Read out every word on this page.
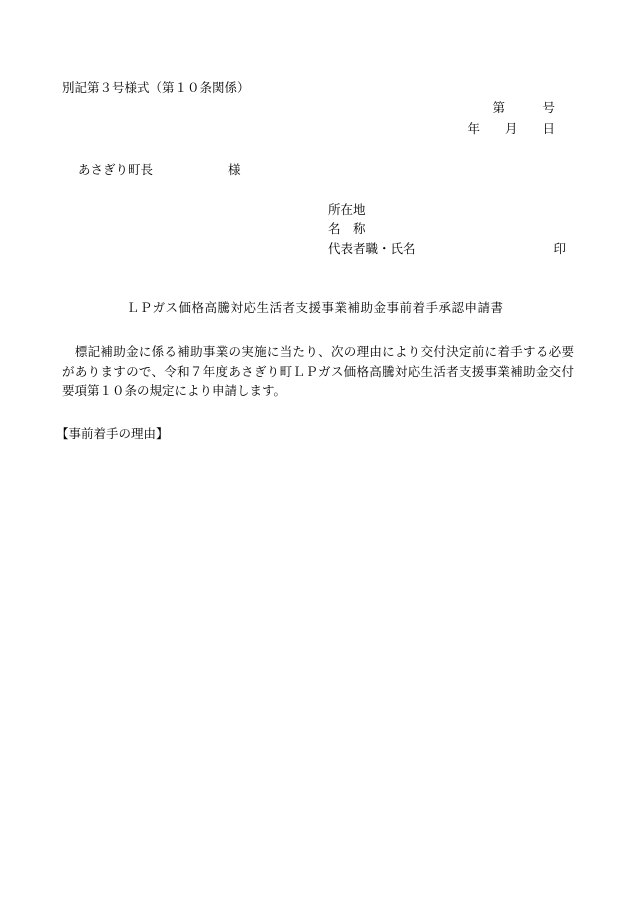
別記第３号様式（第１０条関係）
第　　　号
年　　月　　日
あさぎり町長　　　　　　様
所在地
名　称
代表者職・氏名	印
ＬＰガス価格高騰対応生活者支援事業補助金事前着手承認申請書
　標記補助金に係る補助事業の実施に当たり、次の理由により交付決定前に着手する必要がありますので、令和７年度あさぎり町ＬＰガス価格高騰対応生活者支援事業補助金交付要項第１０条の規定により申請します。
【事前着手の理由】
